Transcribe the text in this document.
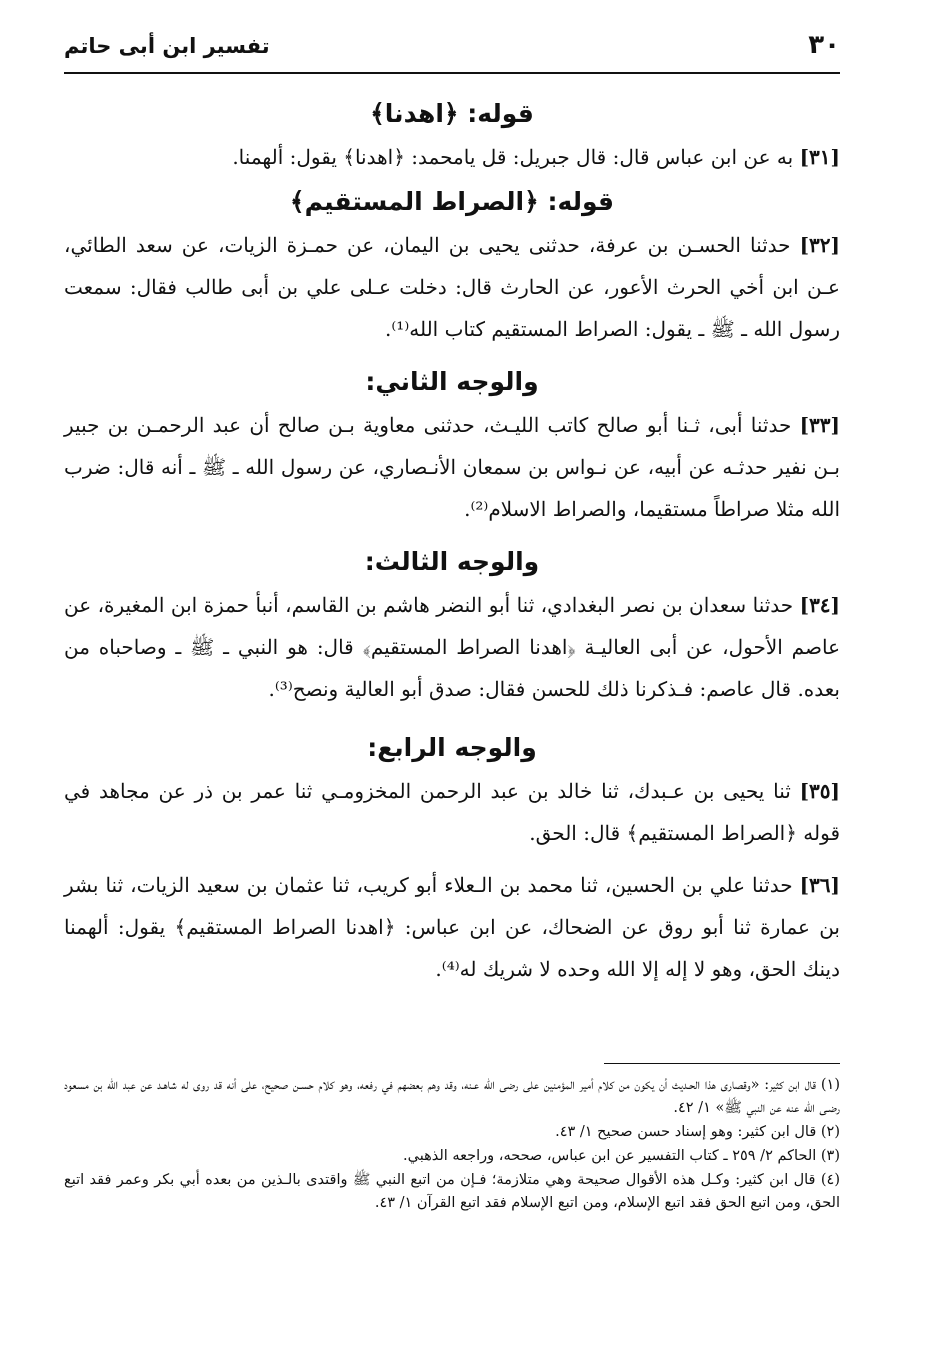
٣٠
تفسير ابن أبى حاتم

قوله: ﴿اهدنا﴾

[٣١] به عن ابن عباس قال: قال جبريل: قل يامحمد: ﴿اهدنا﴾ يقول: ألهمنا.

قوله: ﴿الصراط المستقيم﴾

[٣٢] حدثنا الحسـن بن عرفة، حدثنى يحيى بن اليمان، عن حمـزة الزيات، عن سعد الطائي، عـن ابن أخي الحرث الأعور، عن الحارث قال: دخلت عـلى علي بن أبى طالب فقال: سمعت رسول الله ـ ﷺ ـ يقول: الصراط المستقيم كتاب الله⁽¹⁾.

والوجه الثاني:

[٣٣] حدثنا أبى، ثـنا أبو صالح كاتب الليـث، حدثنى معاوية بـن صالح أن عبد الرحمـن بن جبير بـن نفير حدثـه عن أبيه، عن نـواس بن سمعان الأنـصاري، عن رسول الله ـ ﷺ ـ أنه قال: ضرب الله مثلا صراطاً مستقيما، والصراط الاسلام⁽²⁾.

والوجه الثالث:

[٣٤] حدثنا سعدان بن نصر البغدادي، ثنا أبو النضر هاشم بن القاسم، أنبأ حمزة ابن المغيرة، عن عاصم الأحول، عن أبى العاليـة ﴿اهدنا الصراط المستقيم﴾ قال: هو النبي ـ ﷺ ـ وصاحباه من بعده. قال عاصم: فـذكرنا ذلك للحسن فقال: صدق أبو العالية ونصح⁽³⁾.

والوجه الرابع:

[٣٥] ثنا يحيى بن عـبدك، ثنا خالد بن عبد الرحمن المخزومـي ثنا عمر بن ذر عن مجاهد في قوله ﴿الصراط المستقيم﴾ قال: الحق.

[٣٦] حدثنا علي بن الحسين، ثنا محمد بن الـعلاء أبو كريب، ثنا عثمان بن سعيد الزيات، ثنا بشر بن عمارة ثنا أبو روق عن الضحاك، عن ابن عباس: ﴿اهدنا الصراط المستقيم﴾ يقول: ألهمنا دينك الحق، وهو لا إله إلا الله وحده لا شريك له⁽⁴⁾.

(١) قال ابن كثير: «وقصارى هذا الحـديث أن يكون من كلام أمير المؤمنين على رضى الله عـنه، وقد وهم بعضهم في رفعه، وهو كلام حسـن صحيح، على أنه قد روى له شاهـد عن عبد الله بن مسعود رضـى الله عنه عن النبي ﷺ» ١/ ٤٢.

(٢) قال ابن كثير: وهو إسناد حسن صحيح ١/ ٤٣.

(٣) الحاكم ٢/ ٢٥٩ ـ كتاب التفسير عن ابن عباس، صححه، وراجعه الذهبي.

(٤) قال ابن كثير: وكـل هذه الأقوال صحيحة وهي متلازمة؛ فـإن من اتبع النبي ﷺ واقتدى بالـذين من بعده أبي بكر وعمر فقد اتبع الحق، ومن اتبع الحق فقد اتبع الإسلام، ومن اتبع الإسلام فقد اتبع القرآن ١/ ٤٣.
